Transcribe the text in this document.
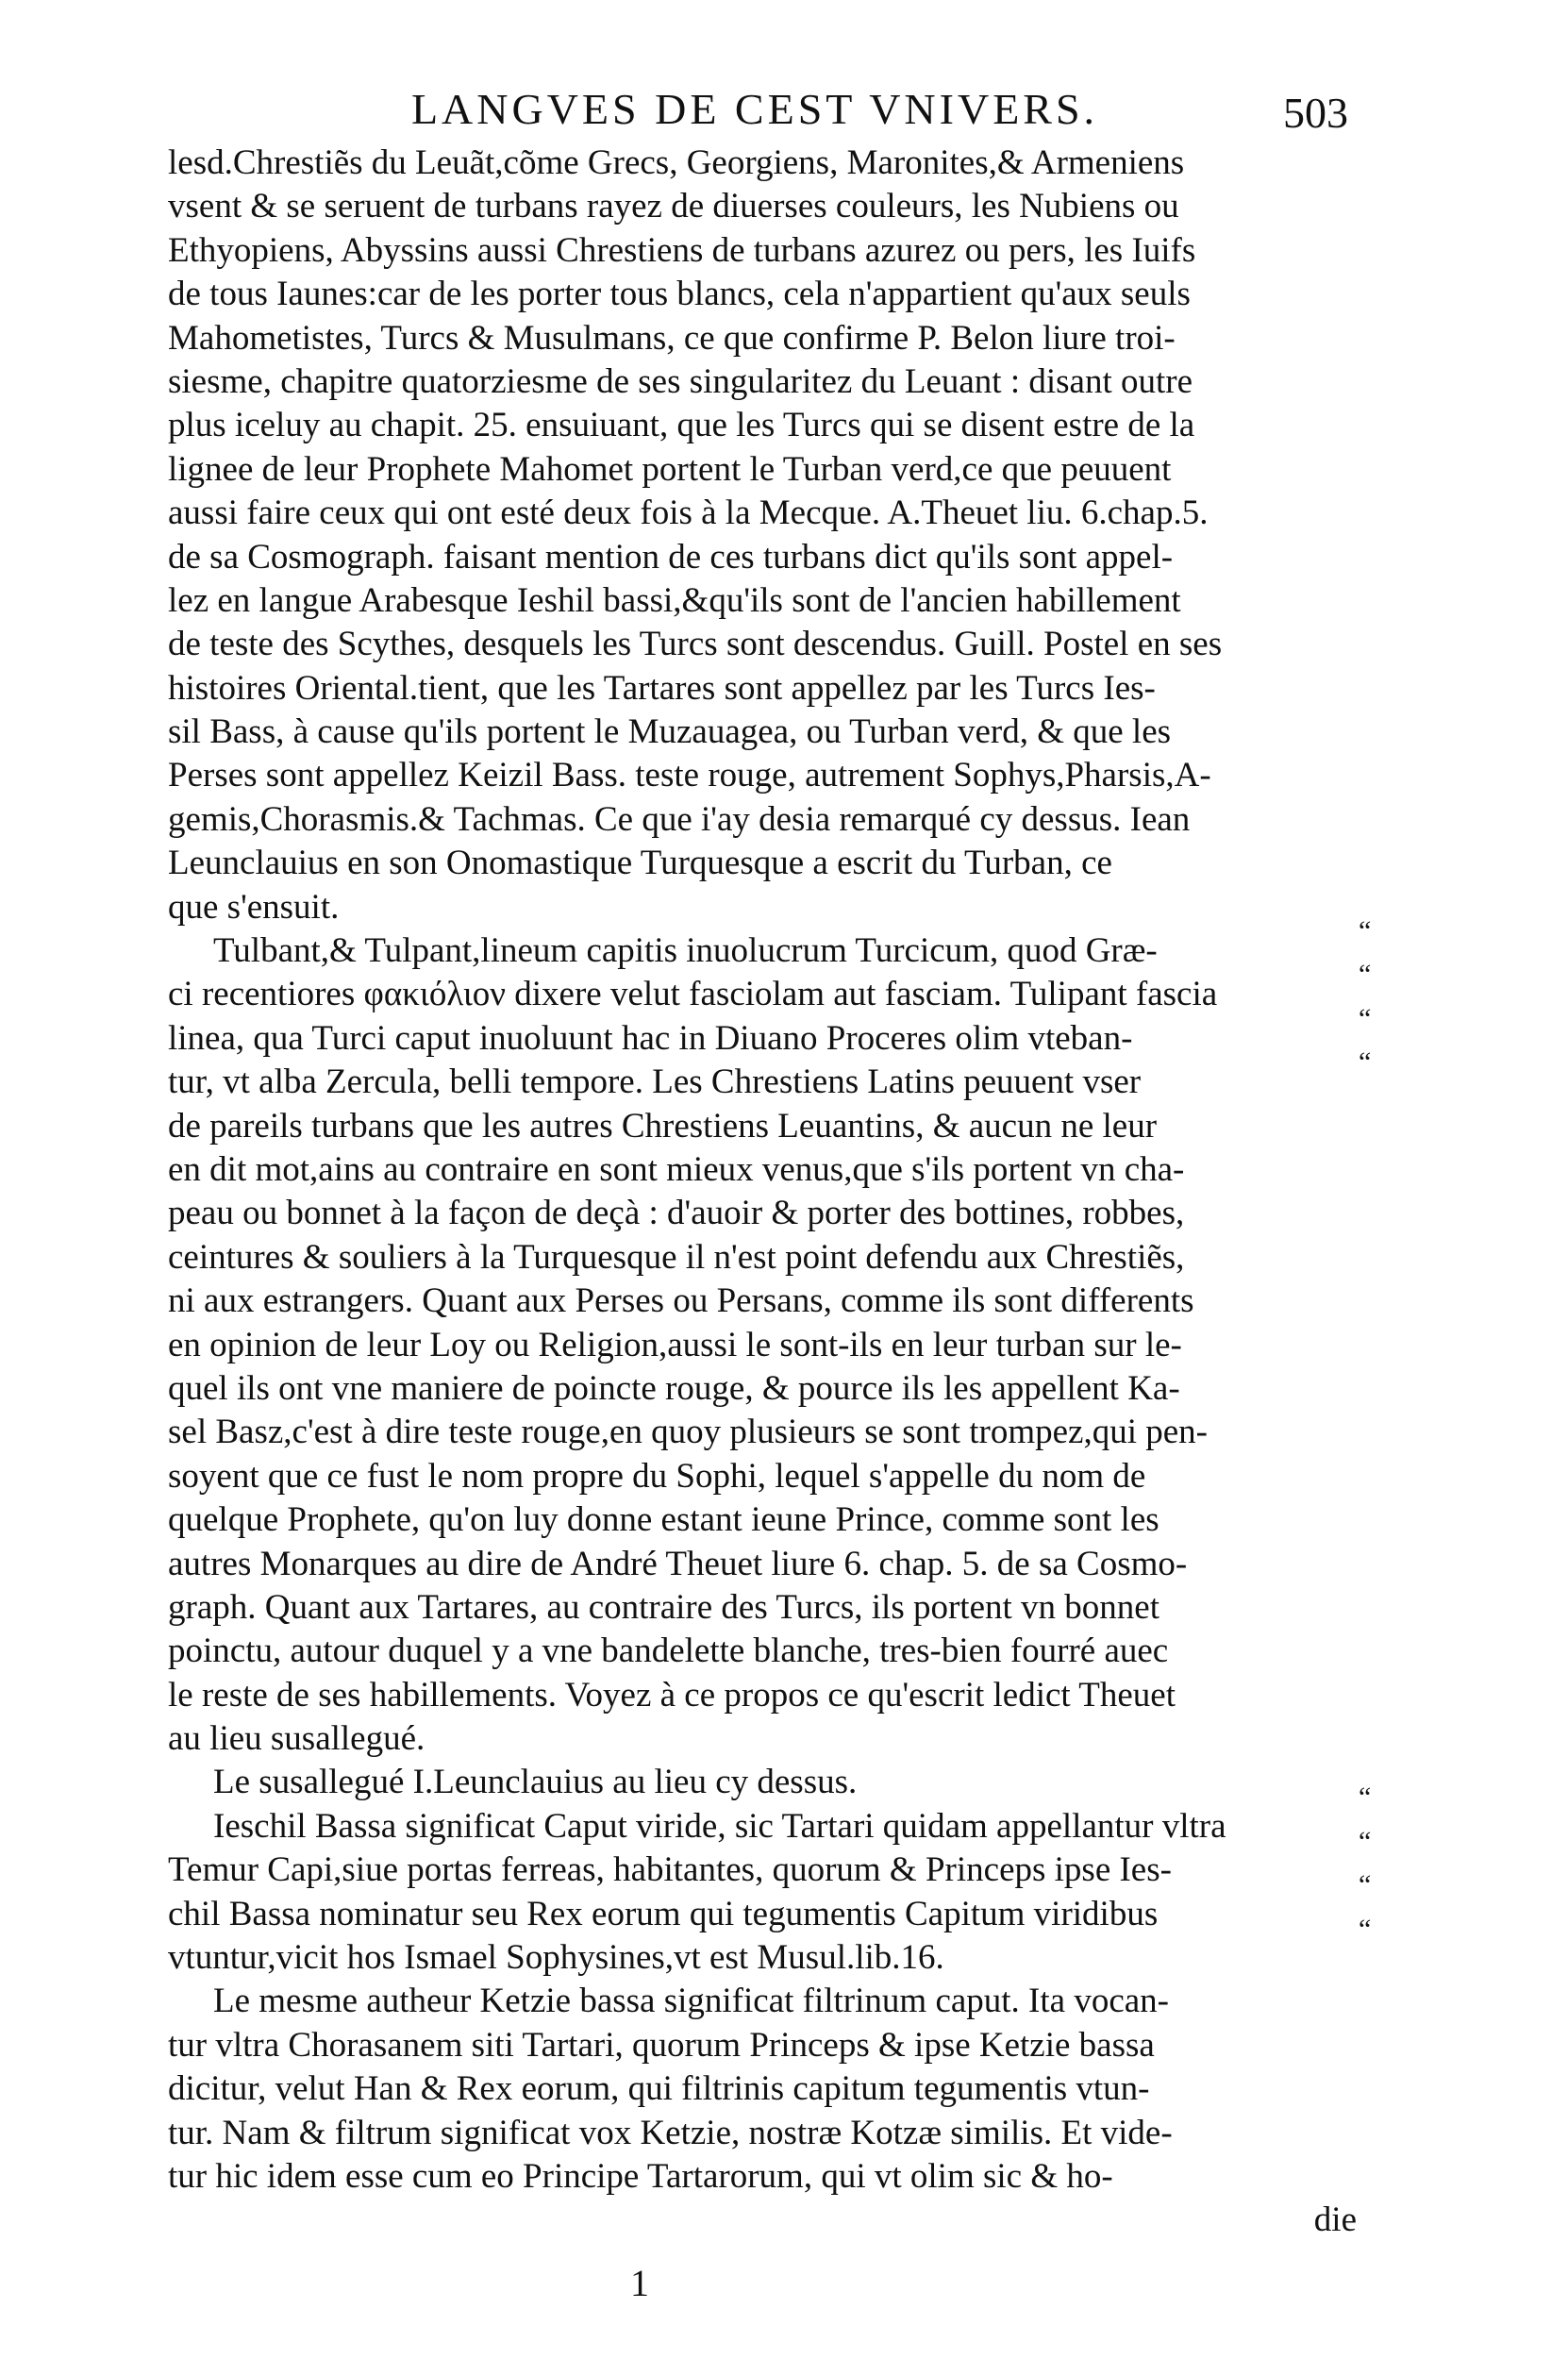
LANGVES DE CEST VNIVERS.	503
lesd.Chrestiẽs du Leuãt,cõme Grecs, Georgiens, Maronites,& Armeniens
vsent & se seruent de turbans rayez de diuerses couleurs, les Nubiens ou
Ethyopiens, Abyssins aussi Chrestiens de turbans azurez ou pers, les Iuifs
de tous Iaunes:car de les porter tous blancs, cela n'appartient qu'aux seuls
Mahometistes, Turcs & Musulmans, ce que confirme P. Belon liure troi-
siesme, chapitre quatorziesme de ses singularitez du Leuant : disant outre
plus iceluy au chapit. 25. ensuiuant, que les Turcs qui se disent estre de la
lignee de leur Prophete Mahomet portent le Turban verd,ce que peuuent
aussi faire ceux qui ont esté deux fois à la Mecque. A.Theuet liu. 6.chap.5.
de sa Cosmograph. faisant mention de ces turbans dict qu'ils sont appel-
lez en langue Arabesque Ieshil bassi,&qu'ils sont de l'ancien habillement
de teste des Scythes, desquels les Turcs sont descendus. Guill. Postel en ses
histoires Oriental.tient, que les Tartares sont appellez par les Turcs Ies-
sil Bass, à cause qu'ils portent le Muzauagea, ou Turban verd, & que les
Perses sont appellez Keizil Bass. teste rouge, autrement Sophys,Pharsis,A-
gemis,Chorasmis.& Tachmas. Ce que i'ay desia remarqué cy dessus. Iean
Leunclauius en son Onomastique Turquesque a escrit du Turban, ce
que s'ensuit.
Tulbant,& Tulpant,lineum capitis inuolucrum Turcicum, quod Græ-
ci recentiores φακιόλιον dixere velut fasciolam aut fasciam. Tulipant fascia
linea, qua Turci caput inuoluunt hac in Diuano Proceres olim vteban-
tur, vt alba Zercula, belli tempore. Les Chrestiens Latins peuuent vser
de pareils turbans que les autres Chrestiens Leuantins, & aucun ne leur
en dit mot,ains au contraire en sont mieux venus,que s'ils portent vn cha-
peau ou bonnet à la façon de deçà : d'auoir & porter des bottines, robbes,
ceintures & souliers à la Turquesque il n'est point defendu aux Chrestiẽs,
ni aux estrangers. Quant aux Perses ou Persans, comme ils sont differents
en opinion de leur Loy ou Religion,aussi le sont-ils en leur turban sur le-
quel ils ont vne maniere de poincte rouge, & pource ils les appellent Ka-
sel Basz,c'est à dire teste rouge,en quoy plusieurs se sont trompez,qui pen-
soyent que ce fust le nom propre du Sophi, lequel s'appelle du nom de
quelque Prophete, qu'on luy donne estant ieune Prince, comme sont les
autres Monarques au dire de André Theuet liure 6. chap. 5. de sa Cosmo-
graph. Quant aux Tartares, au contraire des Turcs, ils portent vn bonnet
poinctu, autour duquel y a vne bandelette blanche, tres-bien fourré auec
le reste de ses habillements. Voyez à ce propos ce qu'escrit ledict Theuet
au lieu susallegué.
Le susallegué I.Leunclauius au lieu cy dessus.
Ieschil Bassa significat Caput viride, sic Tartari quidam appellantur vltra
Temur Capi,siue portas ferreas, habitantes, quorum & Princeps ipse Ies-
chil Bassa nominatur seu Rex eorum qui tegumentis Capitum viridibus
vtuntur,vicit hos Ismael Sophysines,vt est Musul.lib.16.
Le mesme autheur Ketzie bassa significat filtrinum caput. Ita vocan-
tur vltra Chorasanem siti Tartari, quorum Princeps & ipse Ketzie bassa
dicitur, velut Han & Rex eorum, qui filtrinis capitum tegumentis vtun-
tur. Nam & filtrum significat vox Ketzie, nostræ Kotzæ similis. Et vide-
tur hic idem esse cum eo Principe Tartarorum, qui vt olim sic & ho-
die
“
“
“
“
“
“
“
“
1
